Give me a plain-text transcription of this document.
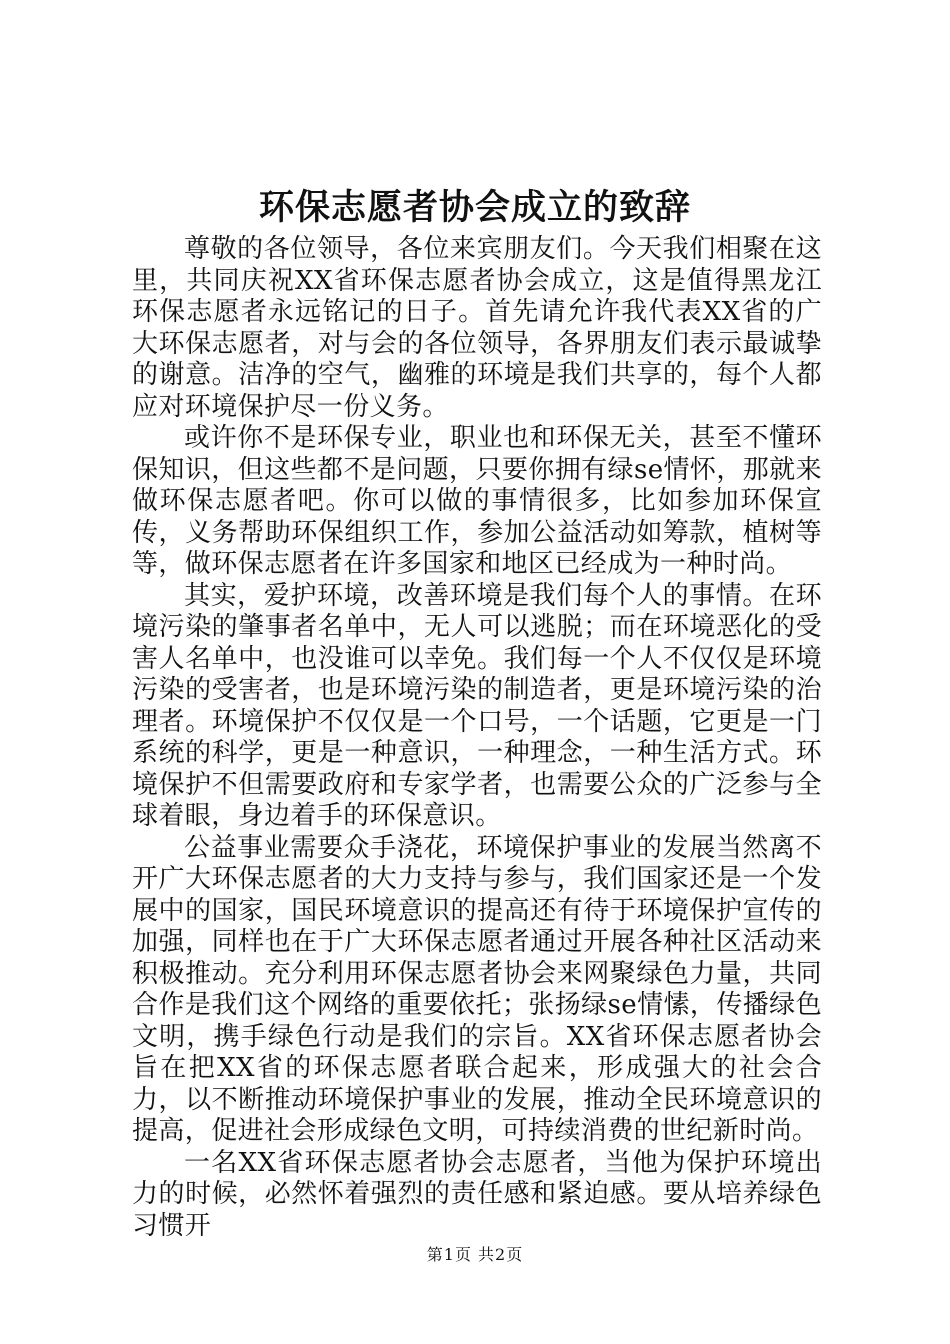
环保志愿者协会成立的致辞

尊敬的各位领导，各位来宾朋友们。今天我们相聚在这里，共同庆祝XX省环保志愿者协会成立，这是值得黑龙江环保志愿者永远铭记的日子。首先请允许我代表XX省的广大环保志愿者，对与会的各位领导，各界朋友们表示最诚挚的谢意。洁净的空气，幽雅的环境是我们共享的，每个人都应对环境保护尽一份义务。

或许你不是环保专业，职业也和环保无关，甚至不懂环保知识，但这些都不是问题，只要你拥有绿se情怀，那就来做环保志愿者吧。你可以做的事情很多，比如参加环保宣传，义务帮助环保组织工作，参加公益活动如筹款，植树等等，做环保志愿者在许多国家和地区已经成为一种时尚。

其实，爱护环境，改善环境是我们每个人的事情。在环境污染的肇事者名单中，无人可以逃脱；而在环境恶化的受害人名单中，也没谁可以幸免。我们每一个人不仅仅是环境污染的受害者，也是环境污染的制造者，更是环境污染的治理者。环境保护不仅仅是一个口号，一个话题，它更是一门系统的科学，更是一种意识，一种理念，一种生活方式。环境保护不但需要政府和专家学者，也需要公众的广泛参与全球着眼，身边着手的环保意识。

公益事业需要众手浇花，环境保护事业的发展当然离不开广大环保志愿者的大力支持与参与，我们国家还是一个发展中的国家，国民环境意识的提高还有待于环境保护宣传的加强，同样也在于广大环保志愿者通过开展各种社区活动来积极推动。充分利用环保志愿者协会来网聚绿色力量，共同合作是我们这个网络的重要依托；张扬绿se情愫，传播绿色文明，携手绿色行动是我们的宗旨。XX省环保志愿者协会旨在把XX省的环保志愿者联合起来，形成强大的社会合力，以不断推动环境保护事业的发展，推动全民环境意识的提高，促进社会形成绿色文明，可持续消费的世纪新时尚。

一名XX省环保志愿者协会志愿者，当他为保护环境出力的时候，必然怀着强烈的责任感和紧迫感。要从培养绿色习惯开

第1页 共2页
